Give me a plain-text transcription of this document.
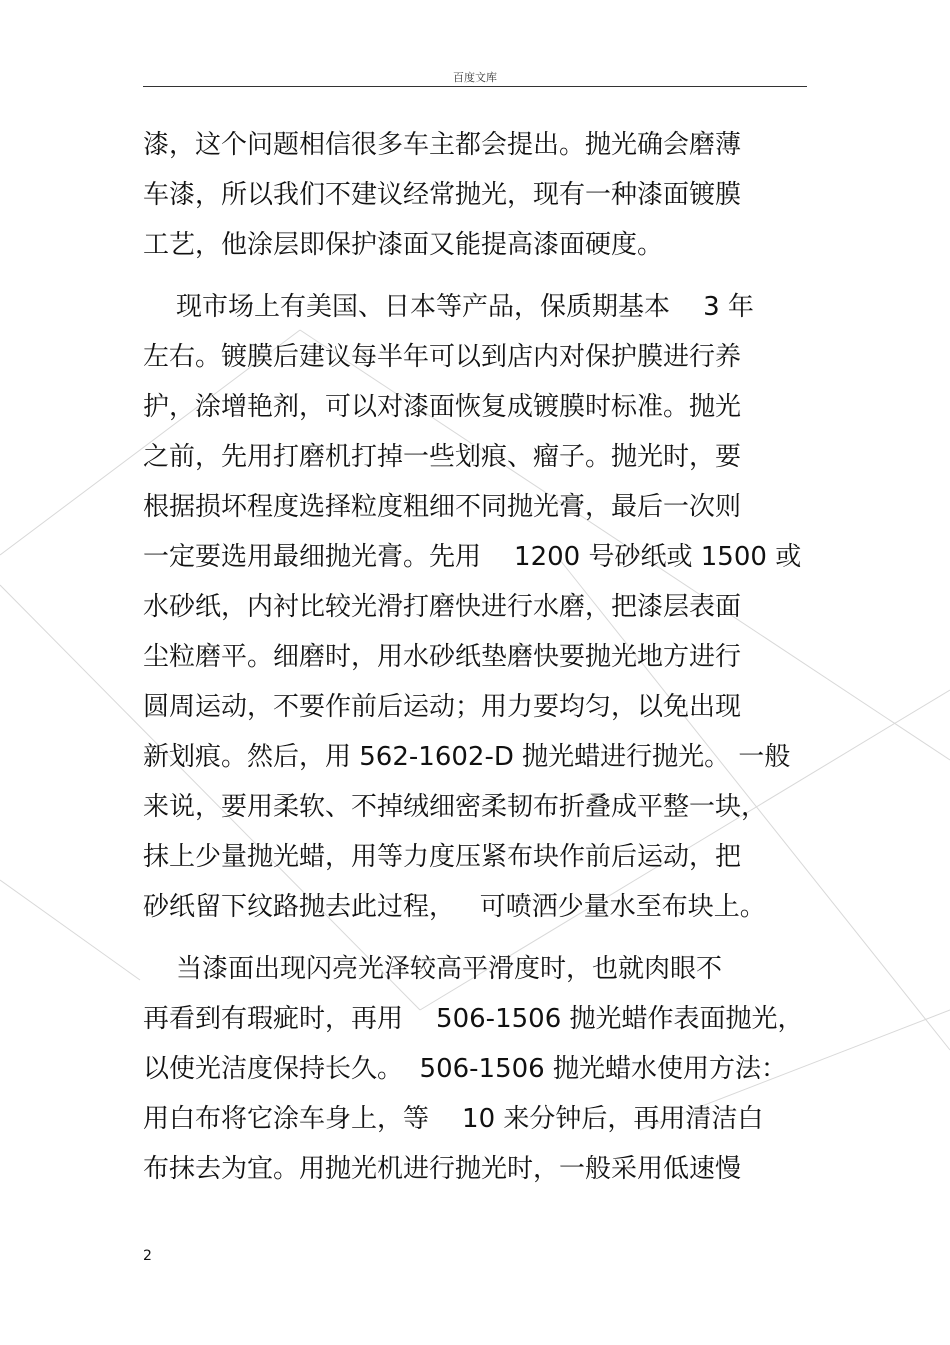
百度文库
漆，这个问题相信很多车主都会提出。抛光确会磨薄
车漆，所以我们不建议经常抛光，现有一种漆面镀膜
工艺，他涂层即保护漆面又能提高漆面硬度。
现市场上有美国、日本等产品，保质期基本    3 年
左右。镀膜后建议每半年可以到店内对保护膜进行养
护，涂增艳剂，可以对漆面恢复成镀膜时标准。抛光
之前，先用打磨机打掉一些划痕、瘤子。抛光时，要
根据损坏程度选择粒度粗细不同抛光膏，最后一次则
一定要选用最细抛光膏。先用    1200 号砂纸或 1500 或
水砂纸，内衬比较光滑打磨快进行水磨，把漆层表面
尘粒磨平。细磨时，用水砂纸垫磨快要抛光地方进行
圆周运动，不要作前后运动；用力要均匀，以免出现
新划痕。然后，用 562-1602-D 抛光蜡进行抛光。 一般
来说，要用柔软、不掉绒细密柔韧布折叠成平整一块，
抹上少量抛光蜡，用等力度压紧布块作前后运动，把
砂纸留下纹路抛去此过程，   可喷洒少量水至布块上。
当漆面出现闪亮光泽较高平滑度时，也就肉眼不
再看到有瑕疵时，再用    506-1506 抛光蜡作表面抛光，
以使光洁度保持长久。  506-1506 抛光蜡水使用方法：
用白布将它涂车身上，等    10 来分钟后，再用清洁白
布抹去为宜。用抛光机进行抛光时，一般采用低速慢
2
